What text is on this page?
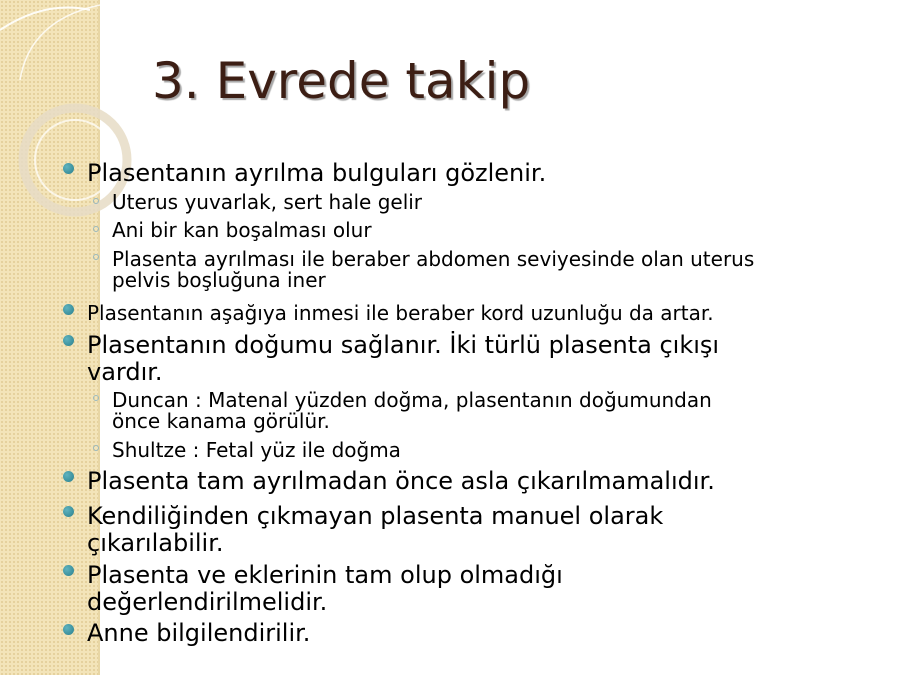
3. Evrede takip
Plasentanın ayrılma bulguları gözlenir.
Uterus yuvarlak, sert hale gelir
Ani bir kan boşalması olur
Plasenta ayrılması ile beraber abdomen seviyesinde olan uterus
pelvis boşluğuna iner
Plasentanın aşağıya inmesi ile beraber kord uzunluğu da artar.
Plasentanın doğumu sağlanır. İki türlü plasenta çıkışı
vardır.
Duncan : Matenal yüzden doğma, plasentanın doğumundan
önce kanama görülür.
Shultze : Fetal yüz ile doğma
Plasenta tam ayrılmadan önce asla çıkarılmamalıdır.
Kendiliğinden çıkmayan plasenta manuel olarak
çıkarılabilir.
Plasenta ve eklerinin tam olup olmadığı
değerlendirilmelidir.
Anne bilgilendirilir.
